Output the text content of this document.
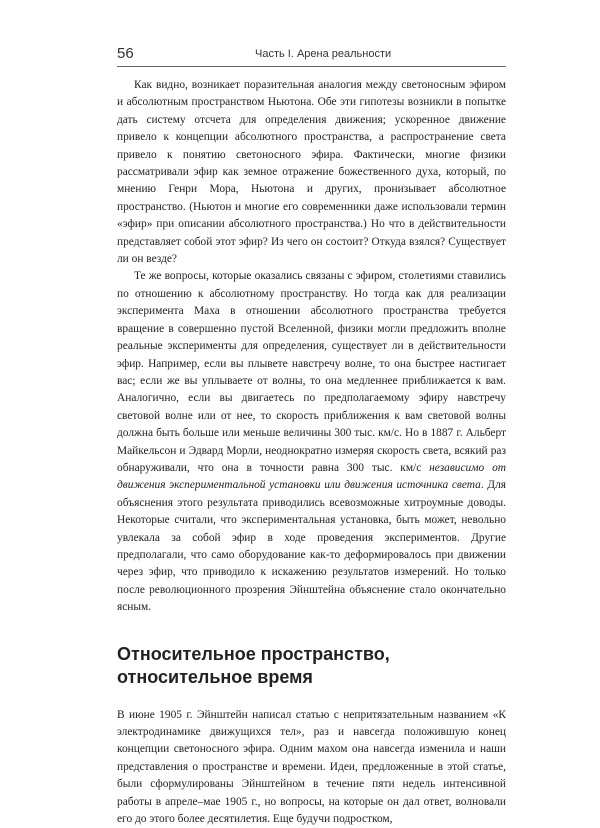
56	Часть I. Арена реальности

Как видно, возникает поразительная аналогия между светоносным эфиром и абсолютным пространством Ньютона. Обе эти гипотезы возникли в попытке дать систему отсчета для определения движения; ускоренное движение привело к концепции абсолютного пространства, а распространение света привело к понятию светоносного эфира. Фактически, многие физики рассматривали эфир как земное отражение божественного духа, который, по мнению Генри Мора, Ньютона и других, пронизывает абсолютное пространство. (Ньютон и многие его современники даже использовали термин «эфир» при описании абсолютного пространства.) Но что в действительности представляет собой этот эфир? Из чего он состоит? Откуда взялся? Существует ли он везде?

Те же вопросы, которые оказались связаны с эфиром, столетиями ставились по отношению к абсолютному пространству. Но тогда как для реализации эксперимента Маха в отношении абсолютного пространства требуется вращение в совершенно пустой Вселенной, физики могли предложить вполне реальные эксперименты для определения, существует ли в действительности эфир. Например, если вы плывете навстречу волне, то она быстрее настигает вас; если же вы уплываете от волны, то она медленнее приближается к вам. Аналогично, если вы двигаетесь по предполагаемому эфиру навстречу световой волне или от нее, то скорость приближения к вам световой волны должна быть больше или меньше величины 300 тыс. км/с. Но в 1887 г. Альберт Майкельсон и Эдвард Морли, неоднократно измеряя скорость света, всякий раз обнаруживали, что она в точности равна 300 тыс. км/с независимо от движения экспериментальной установки или движения источника света. Для объяснения этого результата приводились всевозможные хитроумные доводы. Некоторые считали, что экспериментальная установка, быть может, невольно увлекала за собой эфир в ходе проведения экспериментов. Другие предполагали, что само оборудование как-то деформировалось при движении через эфир, что приводило к искажению результатов измерений. Но только после революционного прозрения Эйнштейна объяснение стало окончательно ясным.

Относительное пространство,
относительное время

В июне 1905 г. Эйнштейн написал статью с непритязательным названием «К электродинамике движущихся тел», раз и навсегда положившую конец концепции светоносного эфира. Одним махом она навсегда изменила и наши представления о пространстве и времени. Идеи, предложенные в этой статье, были сформулированы Эйнштейном в течение пяти недель интенсивной работы в апреле–мае 1905 г., но вопросы, на которые он дал ответ, волновали его до этого более десятилетия. Еще будучи подростком,
